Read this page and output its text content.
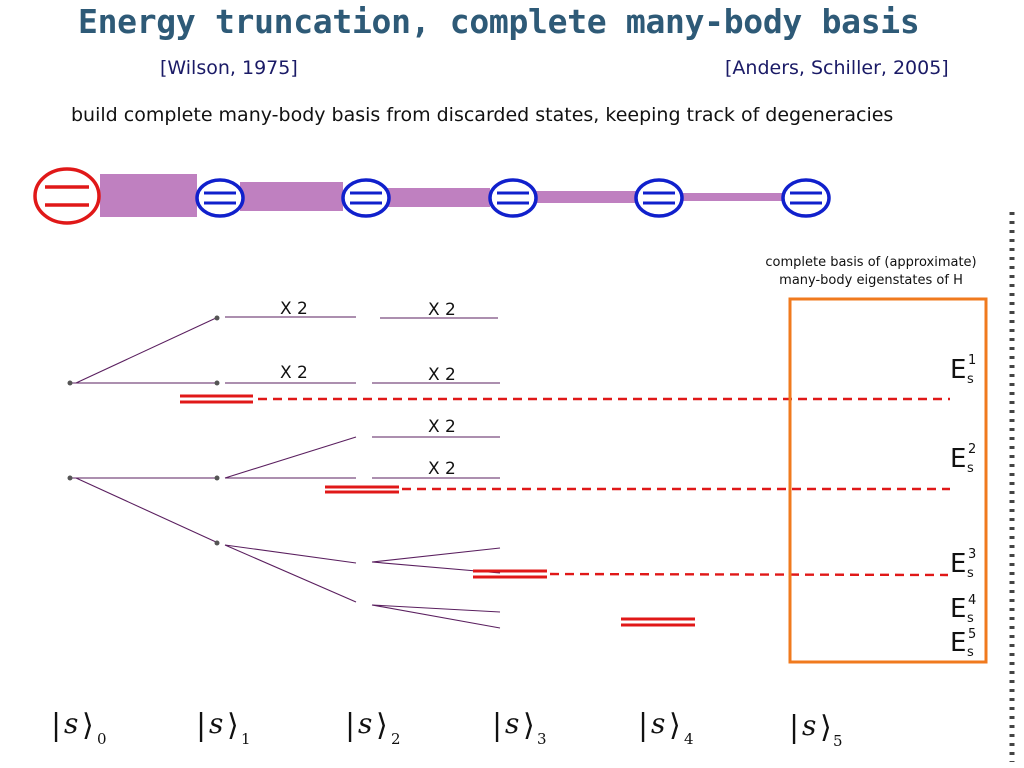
Energy truncation, complete many-body basis
[Wilson, 1975]	[Anders, Schiller, 2005]
build complete many-body basis from discarded states, keeping track of degeneracies
complete basis of (approximate)
many-body eigenstates of H
X 2	X 2
X 2	X 2
X 2
X 2
E 1
s
E 2
s
E 3
s
E 4
s
E 5
s
| s ⟩ 0	| s ⟩ 1	| s ⟩ 2	| s ⟩ 3	| s ⟩ 4	| s ⟩ 5
